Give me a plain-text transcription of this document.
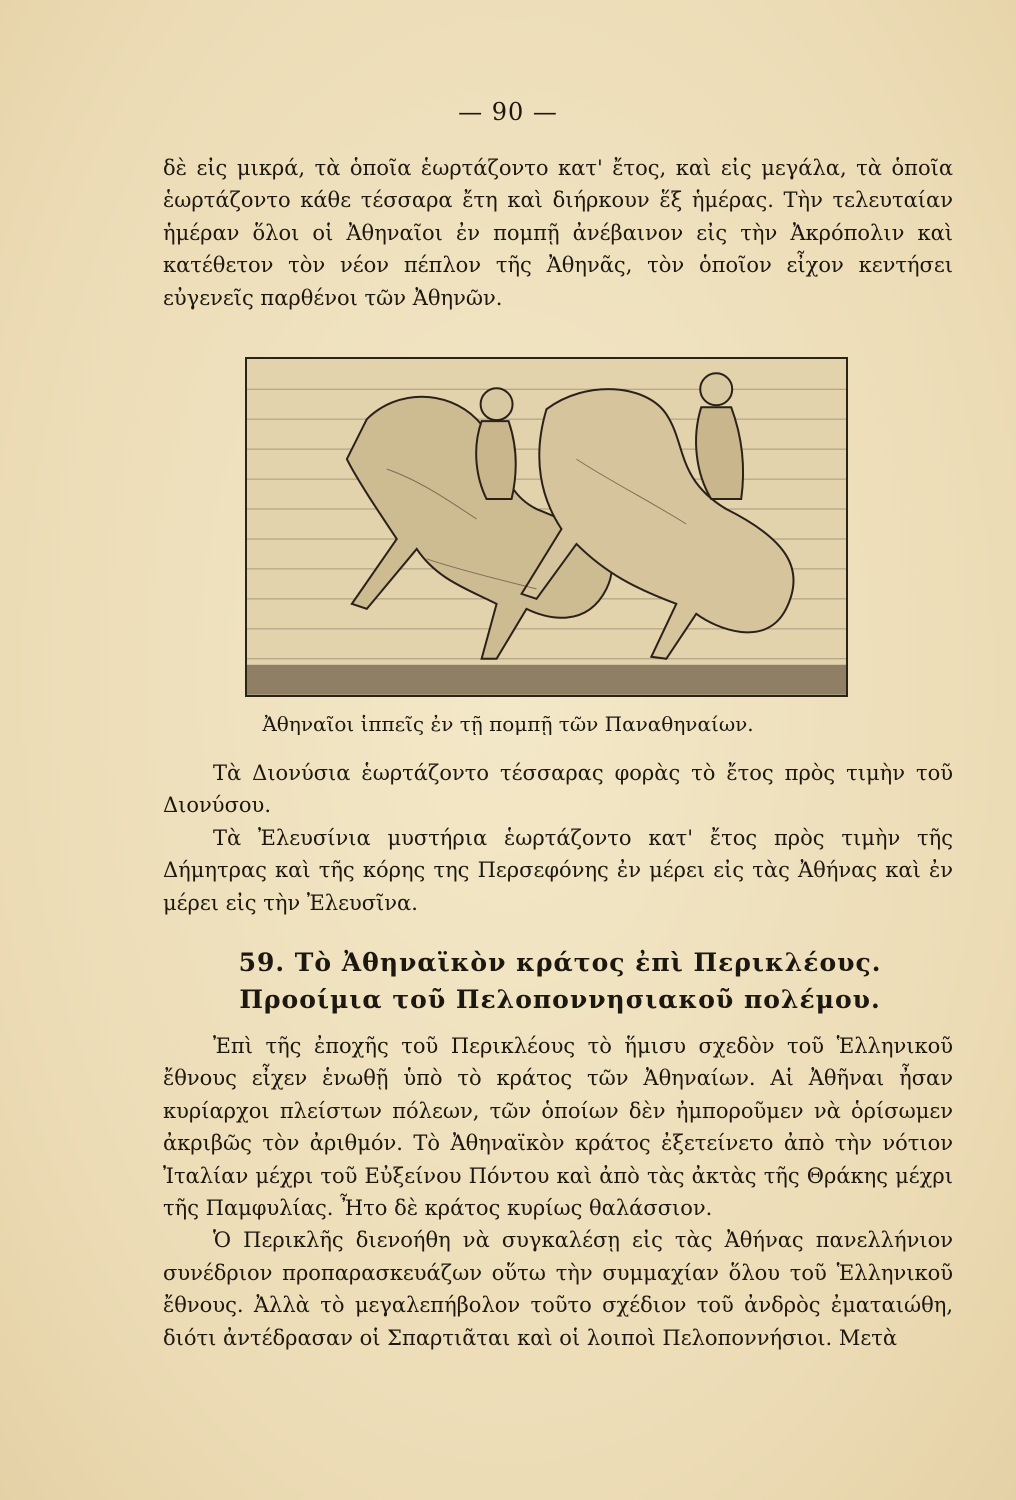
— 90 —

δὲ εἰς μικρά, τὰ ὁποῖα ἑωρτάζοντο κατ' ἔτος, καὶ εἰς μεγάλα, τὰ ὁποῖα ἑωρτάζοντο κάθε τέσσαρα ἔτη καὶ διήρκουν ἕξ ἡμέρας. Τὴν τελευταίαν ἡμέραν ὅλοι οἱ Ἀθηναῖοι ἐν πομπῇ ἀνέβαινον εἰς τὴν Ἀκρόπολιν καὶ κατέθετον τὸν νέον πέπλον τῆς Ἀθηνᾶς, τὸν ὁποῖον εἶχον κεντήσει εὐγενεῖς παρθένοι τῶν Ἀθηνῶν.

Ἀθηναῖοι ἱππεῖς ἐν τῇ πομπῇ τῶν Παναθηναίων.

Τὰ Διονύσια ἑωρτάζοντο τέσσαρας φορὰς τὸ ἔτος πρὸς τιμὴν τοῦ Διονύσου.

Τὰ Ἐλευσίνια μυστήρια ἑωρτάζοντο κατ' ἔτος πρὸς τιμὴν τῆς Δήμητρας καὶ τῆς κόρης της Περσεφόνης ἐν μέρει εἰς τὰς Ἀθήνας καὶ ἐν μέρει εἰς τὴν Ἐλευσῖνα.

59. Τὸ Ἀθηναϊκὸν κράτος ἐπὶ Περικλέους.
Προοίμια τοῦ Πελοποννησιακοῦ πολέμου.

Ἐπὶ τῆς ἐποχῆς τοῦ Περικλέους τὸ ἥμισυ σχεδὸν τοῦ Ἑλληνικοῦ ἔθνους εἶχεν ἑνωθῇ ὑπὸ τὸ κράτος τῶν Ἀθηναίων. Αἱ Ἀθῆναι ἦσαν κυρίαρχοι πλείστων πόλεων, τῶν ὁποίων δὲν ἠμποροῦμεν νὰ ὁρίσωμεν ἀκριβῶς τὸν ἀριθμόν. Τὸ Ἀθηναϊκὸν κράτος ἐξετείνετο ἀπὸ τὴν νότιον Ἰταλίαν μέχρι τοῦ Εὐξείνου Πόντου καὶ ἀπὸ τὰς ἀκτὰς τῆς Θράκης μέχρι τῆς Παμφυλίας. Ἦτο δὲ κράτος κυρίως θαλάσσιον.

Ὁ Περικλῆς διενοήθη νὰ συγκαλέσῃ εἰς τὰς Ἀθήνας πανελλήνιον συνέδριον προπαρασκευάζων οὕτω τὴν συμμαχίαν ὅλου τοῦ Ἑλληνικοῦ ἔθνους. Ἀλλὰ τὸ μεγαλεπήβολον τοῦτο σχέδιον τοῦ ἀνδρὸς ἐματαιώθη, διότι ἀντέδρασαν οἱ Σπαρτιᾶται καὶ οἱ λοιποὶ Πελοποννήσιοι. Μετὰ
